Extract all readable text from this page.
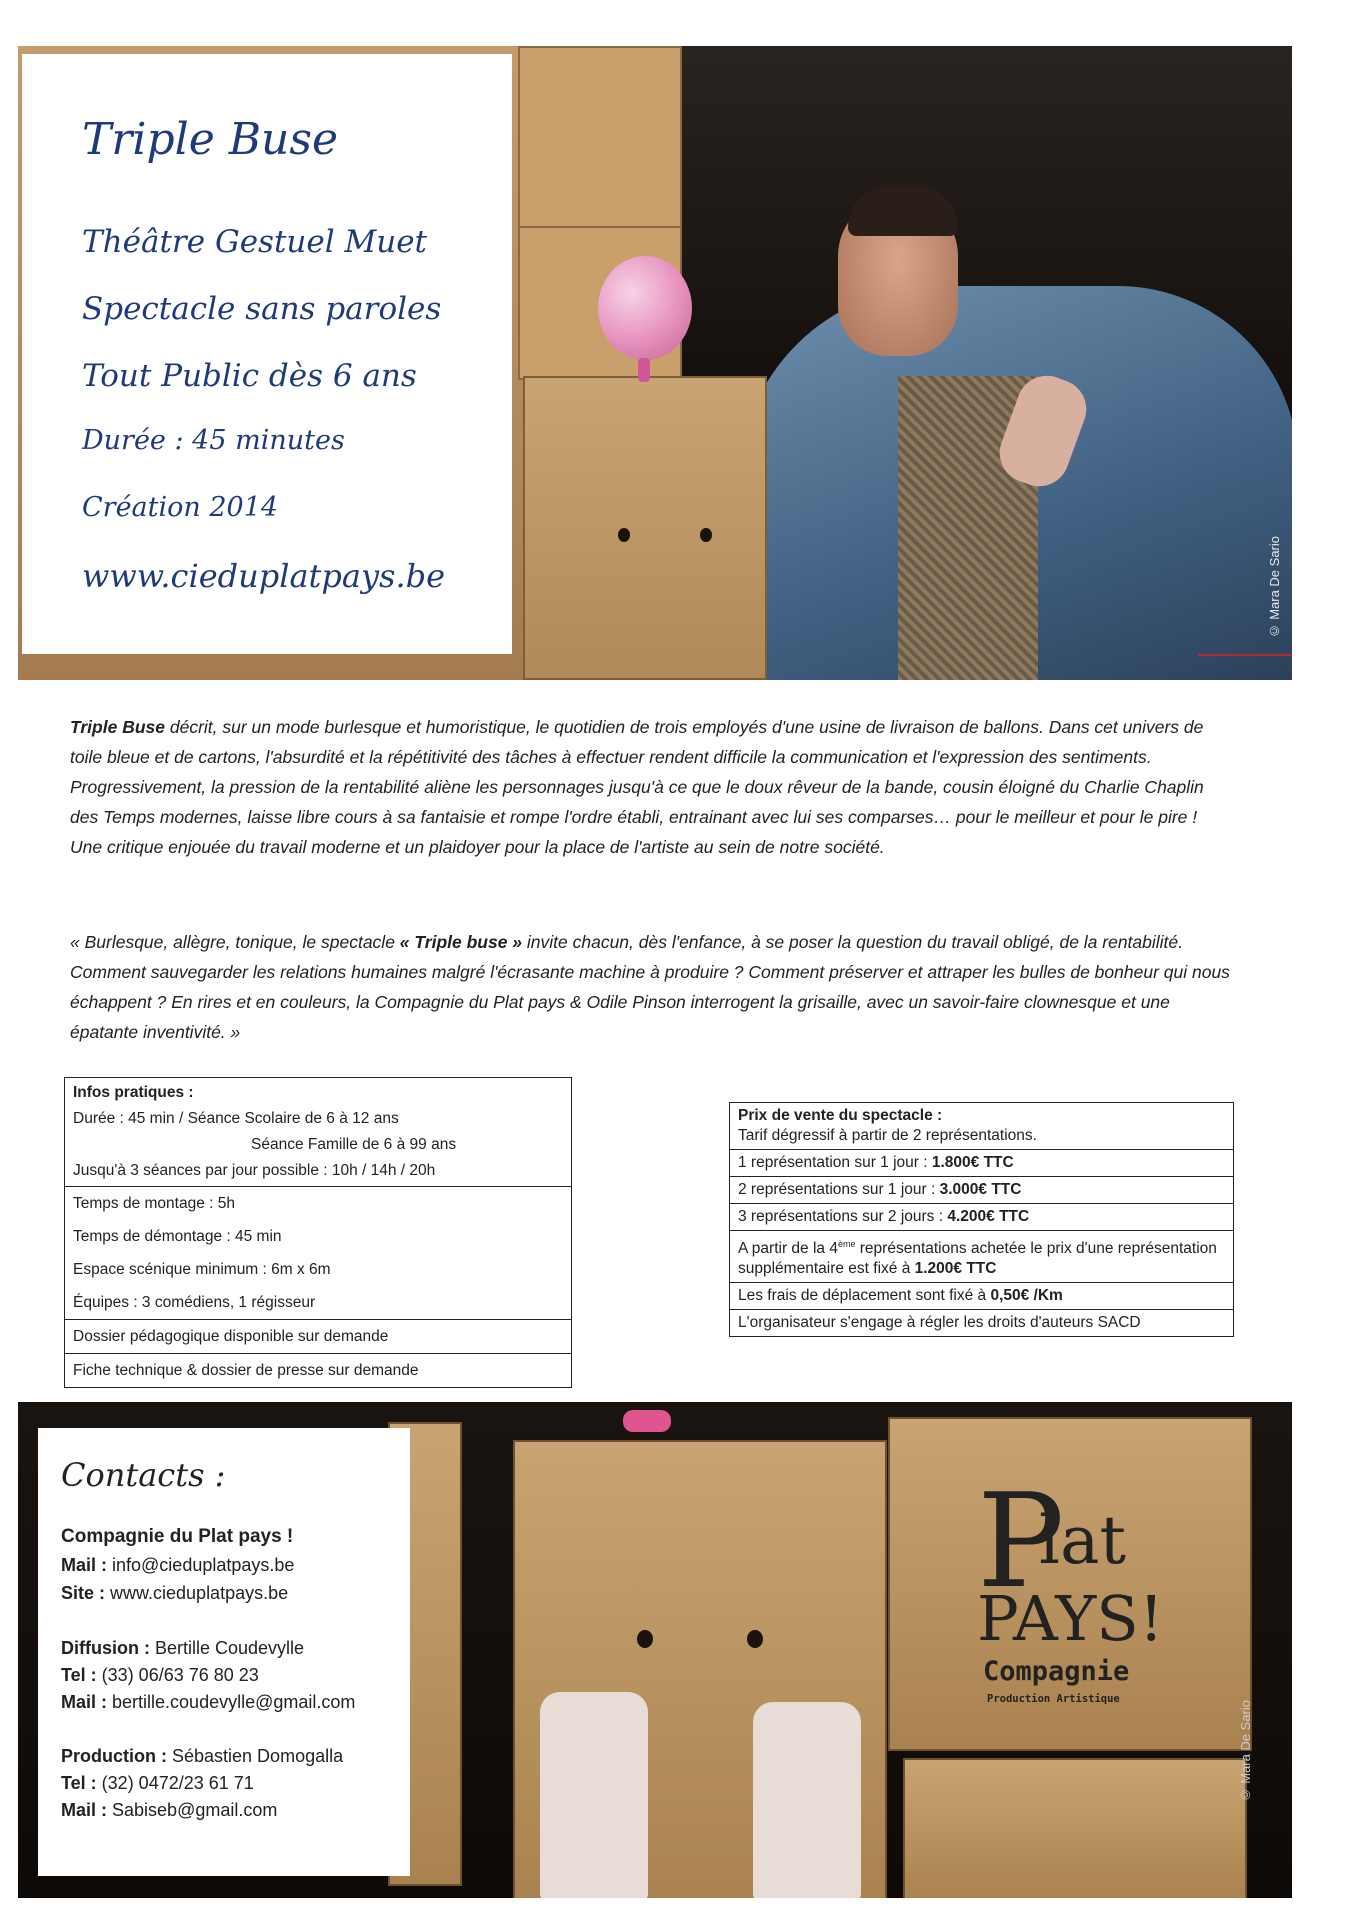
© Mara De Sario
Triple Buse
Théâtre Gestuel Muet
Spectacle sans paroles
Tout Public dès 6 ans
Durée : 45 minutes
Création 2014
www.cieduplatpays.be

Triple Buse décrit, sur un mode burlesque et humoristique, le quotidien de trois employés d'une usine de livraison de ballons. Dans cet univers de toile bleue et de cartons, l'absurdité et la répétitivité des tâches à effectuer rendent difficile la communication et l'expression des sentiments. Progressivement, la pression de la rentabilité aliène les personnages jusqu'à ce que le doux rêveur de la bande, cousin éloigné du Charlie Chaplin des Temps modernes, laisse libre cours à sa fantaisie et rompe l'ordre établi, entrainant avec lui ses comparses… pour le meilleur et pour le pire !

Une critique enjouée du travail moderne et un plaidoyer pour la place de l'artiste au sein de notre société.

« Burlesque, allègre, tonique, le spectacle « Triple buse » invite chacun, dès l'enfance, à se poser la question du travail obligé, de la rentabilité. Comment sauvegarder les relations humaines malgré l'écrasante machine à produire ? Comment préserver et attraper les bulles de bonheur qui nous échappent ? En rires et en couleurs, la Compagnie du Plat pays & Odile Pinson interrogent la grisaille, avec un savoir-faire clownesque et une épatante inventivité. »
Infos pratiques :
Durée : 45 min / Séance Scolaire de 6 à 12 ans
Séance Famille de 6 à 99 ans
Jusqu'à 3 séances par jour possible : 10h / 14h / 20h

Temps de montage : 5h
Temps de démontage : 45 min
Espace scénique minimum : 6m x 6m
Équipes : 3 comédiens, 1 régisseur

Dossier pédagogique disponible sur demande
Fiche technique & dossier de presse sur demande
Prix de vente du spectacle :
Tarif dégressif à partir de 2 représentations.

1 représentation sur 1 jour : 1.800€ TTC
2 représentations sur 1 jour : 3.000€ TTC
3 représentations sur 2 jours : 4.200€ TTC
A partir de la 4ème représentations achetée le prix d'une représentation supplémentaire est fixé à 1.200€ TTC
Les frais de déplacement sont fixé à 0,50€ /Km
L'organisateur s'engage à régler les droits d'auteurs SACD
P
lat
PAYS!
Compagnie
Production Artistique
© Mara De Sario
Contacts :
Compagnie du Plat pays !
Mail : info@cieduplatpays.be
Site : www.cieduplatpays.be
Diffusion : Bertille Coudevylle
Tel : (33) 06/63 76 80 23
Mail : bertille.coudevylle@gmail.com
Production : Sébastien Domogalla
Tel : (32) 0472/23 61 71
Mail : Sabiseb@gmail.com
